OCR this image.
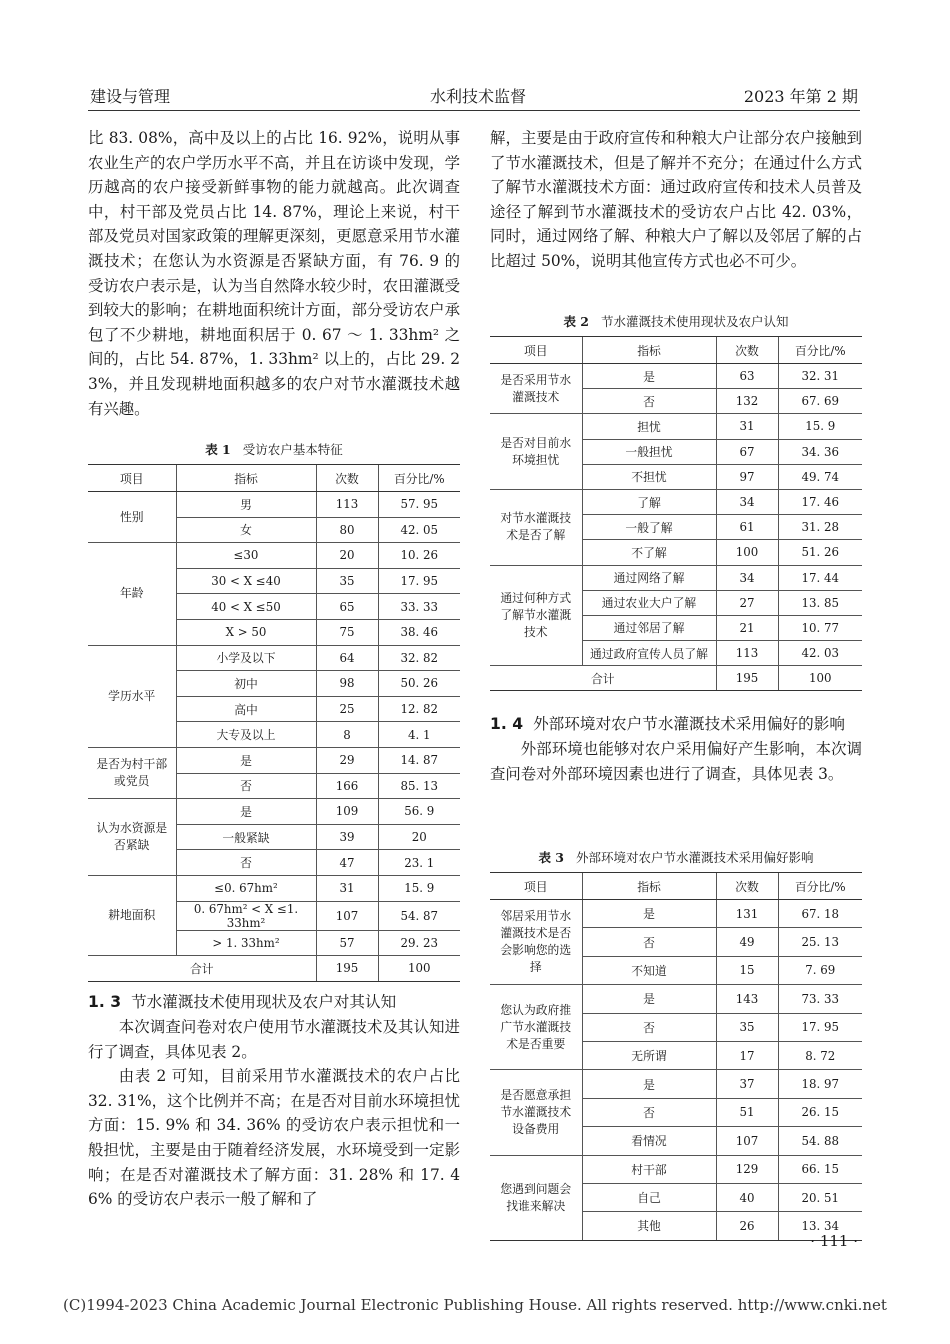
建设与管理	水利技术监督	2023 年第 2 期

比 83. 08%，高中及以上的占比 16. 92%，说明从事农业生产的农户学历水平不高，并且在访谈中发现，学历越高的农户接受新鲜事物的能力就越高。此次调查中，村干部及党员占比 14. 87%，理论上来说，村干部及党员对国家政策的理解更深刻，更愿意采用节水灌溉技术；在您认为水资源是否紧缺方面，有 76. 9 的受访农户表示是，认为当自然降水较少时，农田灌溉受到较大的影响；在耕地面积统计方面，部分受访农户承包了不少耕地，耕地面积居于 0. 67 ～ 1. 33hm² 之间的，占比 54. 87%，1. 33hm² 以上的，占比 29. 23%，并且发现耕地面积越多的农户对节水灌溉技术越有兴趣。

表 1 受访农户基本特征
项目	指标	次数	百分比/%
性别	男	113	57. 95
	女	80	42. 05
年龄	≤30	20	10. 26
	30 < X ≤40	35	17. 95
	40 < X ≤50	65	33. 33
	X > 50	75	38. 46
学历水平	小学及以下	64	32. 82
	初中	98	50. 26
	高中	25	12. 82
	大专及以上	8	4. 1
是否为村干部或党员	是	29	14. 87
	否	166	85. 13
认为水资源是否紧缺	是	109	56. 9
	一般紧缺	39	20
	否	47	23. 1
耕地面积	≤0. 67hm²	31	15. 9
	0. 67hm² < X ≤1. 33hm²	107	54. 87
	> 1. 33hm²	57	29. 23
合计		195	100

1. 3 节水灌溉技术使用现状及农户对其认知

本次调查问卷对农户使用节水灌溉技术及其认知进行了调查，具体见表 2。

由表 2 可知，目前采用节水灌溉技术的农户占比 32. 31%，这个比例并不高；在是否对目前水环境担忧方面：15. 9% 和 34. 36% 的受访农户表示担忧和一般担忧，主要是由于随着经济发展，水环境受到一定影响；在是否对灌溉技术了解方面：31. 28% 和 17. 46% 的受访农户表示一般了解和了

解，主要是由于政府宣传和种粮大户让部分农户接触到了节水灌溉技术，但是了解并不充分；在通过什么方式了解节水灌溉技术方面：通过政府宣传和技术人员普及途径了解到节水灌溉技术的受访农户占比 42. 03%，同时，通过网络了解、种粮大户了解以及邻居了解的占比超过 50%，说明其他宣传方式也必不可少。

表 2 节水灌溉技术使用现状及农户认知
项目	指标	次数	百分比/%
是否采用节水灌溉技术	是	63	32. 31
	否	132	67. 69
是否对目前水环境担忧	担忧	31	15. 9
	一般担忧	67	34. 36
	不担忧	97	49. 74
对节水灌溉技术是否了解	了解	34	17. 46
	一般了解	61	31. 28
	不了解	100	51. 26
通过何种方式了解节水灌溉技术	通过网络了解	34	17. 44
	通过农业大户了解	27	13. 85
	通过邻居了解	21	10. 77
	通过政府宣传人员了解	113	42. 03
合计		195	100

1. 4 外部环境对农户节水灌溉技术采用偏好的影响

外部环境也能够对农户采用偏好产生影响，本次调查问卷对外部环境因素也进行了调查，具体见表 3。

表 3 外部环境对农户节水灌溉技术采用偏好影响
项目	指标	次数	百分比/%
邻居采用节水灌溉技术是否会影响您的选择	是	131	67. 18
	否	49	25. 13
	不知道	15	7. 69
您认为政府推广节水灌溉技术是否重要	是	143	73. 33
	否	35	17. 95
	无所谓	17	8. 72
是否愿意承担节水灌溉技术设备费用	是	37	18. 97
	否	51	26. 15
	看情况	107	54. 88
您遇到问题会找谁来解决	村干部	129	66. 15
	自己	40	20. 51
	其他	26	13. 34
· 111 ·
(C)1994-2023 China Academic Journal Electronic Publishing House. All rights reserved. http://www.cnki.net
